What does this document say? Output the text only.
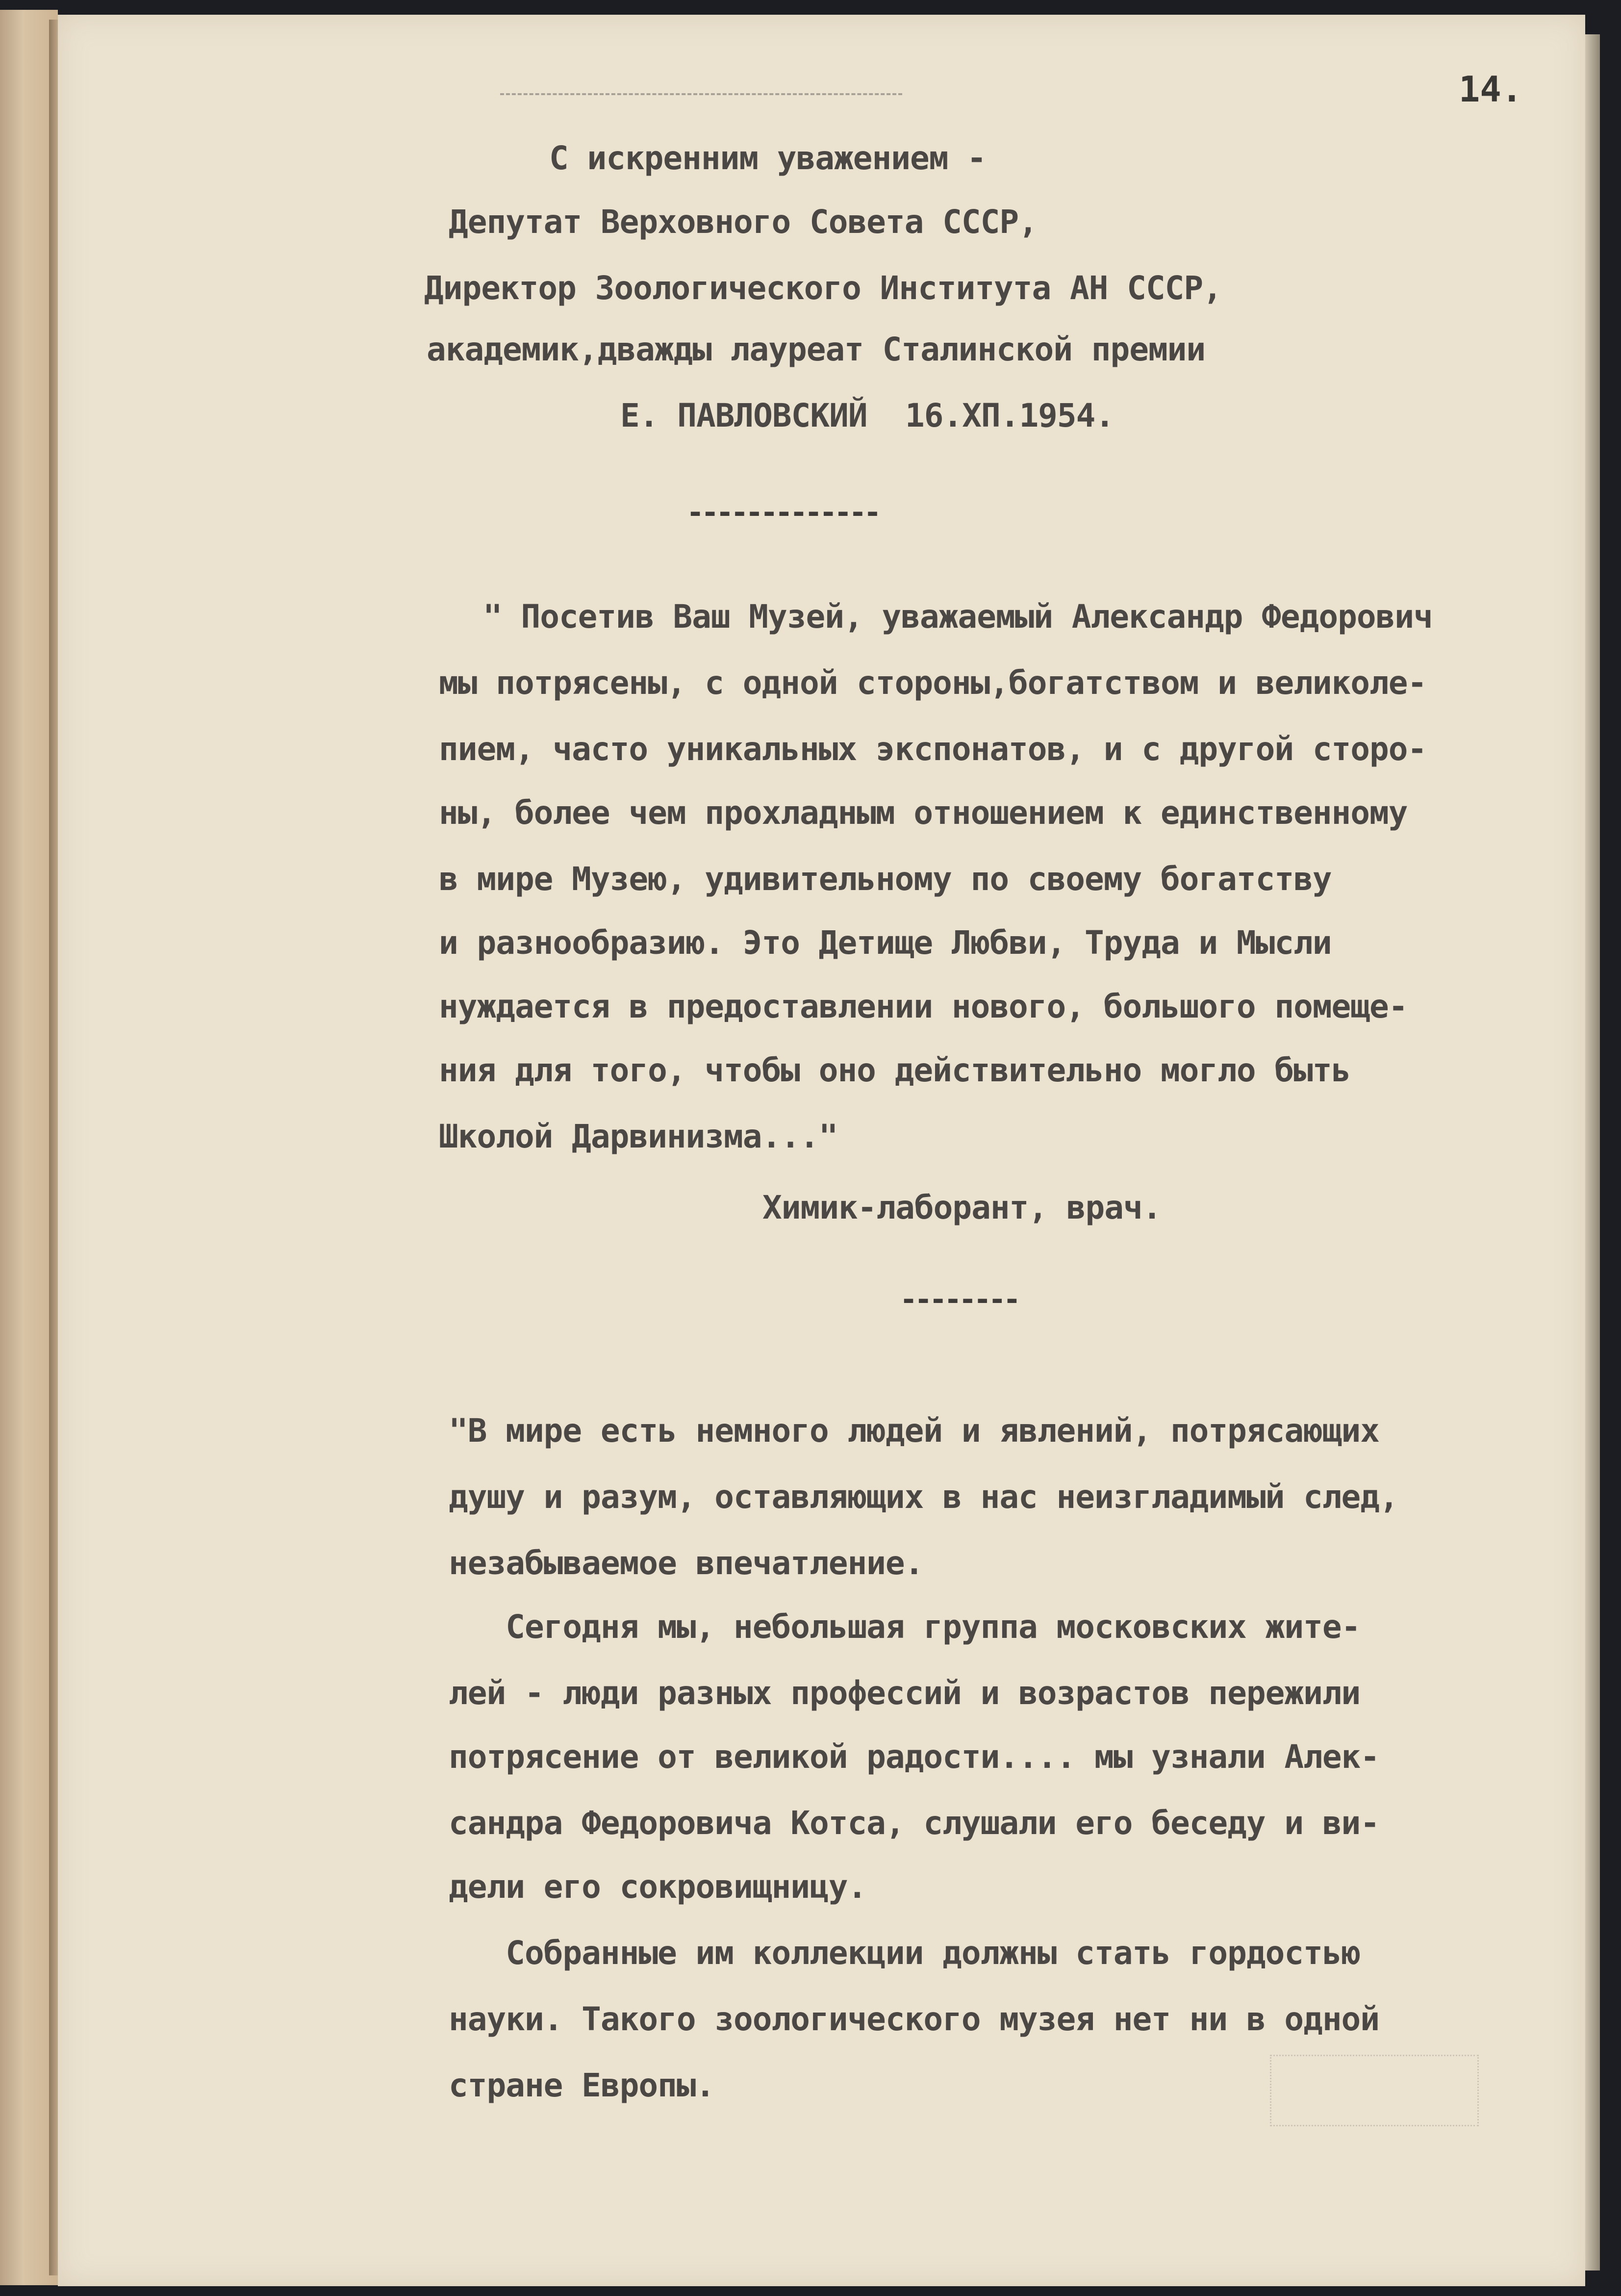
14.
С искренним уважением -
Депутат Верховного Совета СССР,
Директор Зоологического Института АН СССР,
академик,дважды лауреат Сталинской премии
Е. ПАВЛОВСКИЙ  16.XП.1954.
-------------
" Посетив Ваш Музей, уважаемый Александр Федорович
мы потрясены, с одной стороны,богатством и великоле-
пием, часто уникальных экспонатов, и с другой сторо-
ны, более чем прохладным отношением к единственному
в мире Музею, удивительному по своему богатству
и разнообразию. Это Детище Любви, Труда и Мысли
нуждается в предоставлении нового, большого помеще-
ния для того, чтобы оно действительно могло быть
Школой Дарвинизма..."
Химик-лаборант, врач.
--------
"В мире есть немного людей и явлений, потрясающих
душу и разум, оставляющих в нас неизгладимый след,
незабываемое впечатление.
Сегодня мы, небольшая группа московских жите-
лей - люди разных профессий и возрастов пережили
потрясение от великой радости.... мы узнали Алек-
сандра Федоровича Котса, слушали его беседу и ви-
дели его сокровищницу.
Собранные им коллекции должны стать гордостью
науки. Такого зоологического музея нет ни в одной
стране Европы.
